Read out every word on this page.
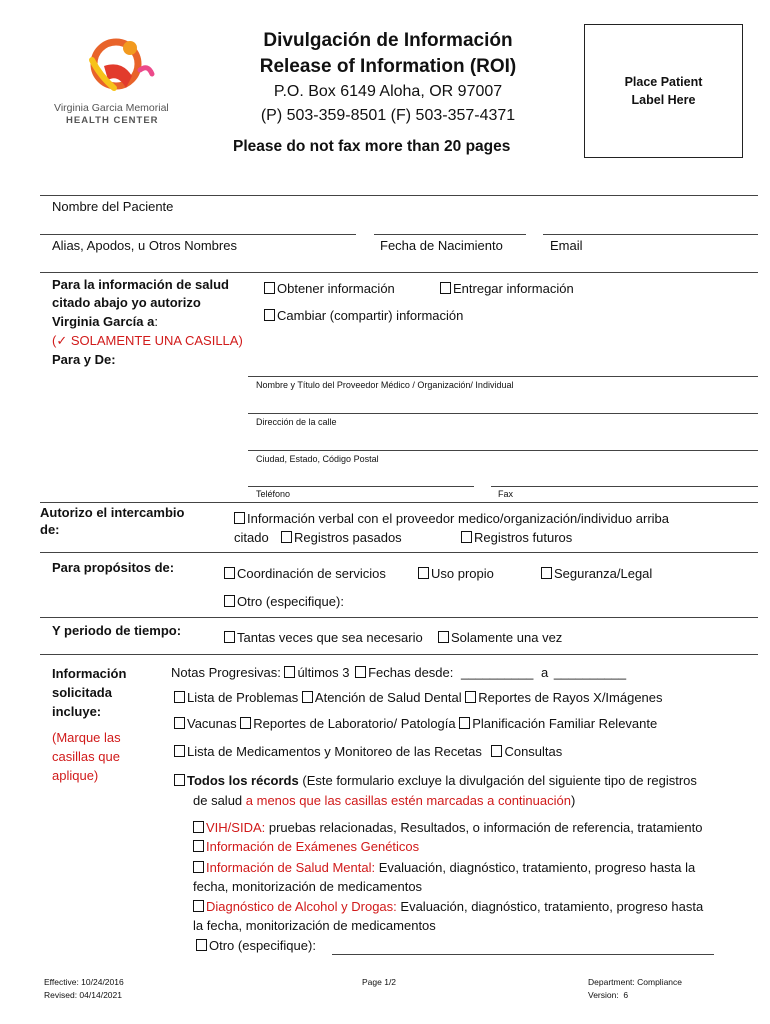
Virginia Garcia Memorial
HEALTH CENTER
Divulgación de Información
Release of Information (ROI)
P.O. Box 6149 Aloha, OR 97007
(P) 503-359-8501 (F) 503-357-4371
Please do not fax more than 20 pages
Place Patient
Label Here
Nombre del Paciente
Alias, Apodos, u Otros Nombres	Fecha de Nacimiento	Email
Para la información de salud
citado abajo yo autorizo
Virginia García a:
(✓ SOLAMENTE UNA CASILLA)
Obtener información	Entregar información
Cambiar (compartir) información
Para y De:
Nombre y Título del Proveedor Médico / Organización/ Individual
Dirección de la calle
Ciudad, Estado, Código Postal
Teléfono	Fax
Autorizo el intercambio
de:
Información verbal con el proveedor medico/organización/individuo arriba
citado	Registros pasados	Registros futuros
Para propósitos de:	Coordinación de servicios	Uso propio	Seguranza/Legal
Otro (especifique):
Y periodo de tiempo:	Tantas veces que sea necesario	Solamente una vez
Información
solicitada
incluye:
(Marque las
casillas que
aplique)
Notas Progresivas: últimos 3 Fechas desde: __________ a __________
Lista de Problemas Atención de Salud Dental Reportes de Rayos X/Imágenes
Vacunas Reportes de Laboratorio/ Patología Planificación Familiar Relevante
Lista de Medicamentos y Monitoreo de las Recetas Consultas
Todos los récords (Este formulario excluye la divulgación del siguiente tipo de registros
de salud a menos que las casillas estén marcadas a continuación)
VIH/SIDA: pruebas relacionadas, Resultados, o información de referencia, tratamiento
Información de Exámenes Genéticos
Información de Salud Mental: Evaluación, diagnóstico, tratamiento, progreso hasta la
fecha, monitorización de medicamentos
Diagnóstico de Alcohol y Drogas: Evaluación, diagnóstico, tratamiento, progreso hasta
la fecha, monitorización de medicamentos
Otro (especifique):
Effective: 10/24/2016
Revised: 04/14/2021
Page 1/2	Department: Compliance
Version:  6
